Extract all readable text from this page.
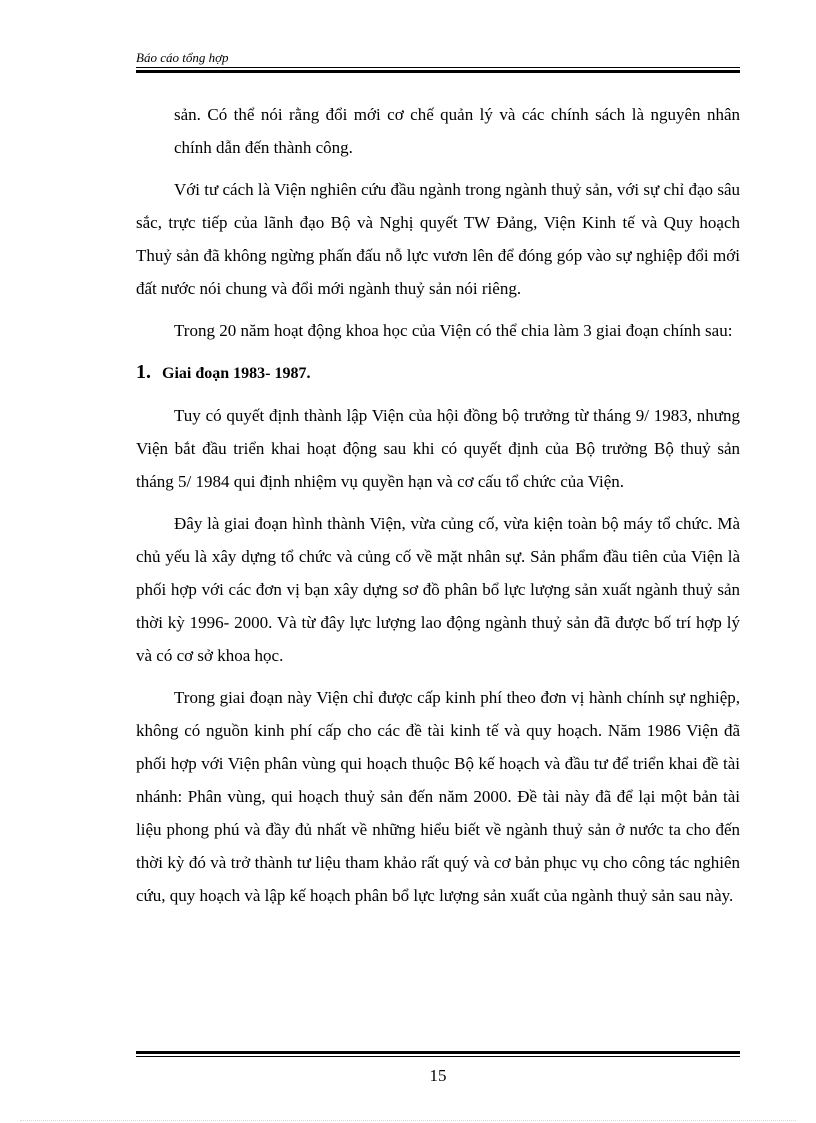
Báo cáo tổng hợp

sản. Có thể nói rằng đổi mới cơ chế quản lý và các chính sách là nguyên nhân chính dẫn đến thành công.

Với tư cách là Viện nghiên cứu đầu ngành trong ngành thuỷ sản, với sự chỉ đạo sâu sắc, trực tiếp của lãnh đạo Bộ và Nghị quyết TW Đảng, Viện Kinh tế và Quy hoạch Thuỷ sản đã không ngừng phấn đấu nỗ lực vươn lên để đóng góp vào sự nghiệp đổi mới đất nước nói chung và đổi mới ngành thuỷ sản nói riêng.

Trong 20 năm hoạt động khoa học của Viện có thể chia làm 3 giai đoạn chính sau:

1. Giai đoạn 1983- 1987.

Tuy có quyết định thành lập Viện của hội đồng bộ trưởng từ tháng 9/ 1983, nhưng Viện bắt đầu triển khai hoạt động sau khi có quyết định của Bộ trưởng Bộ thuỷ sản tháng 5/ 1984 qui định nhiệm vụ quyền hạn và cơ cấu tổ chức của Viện.

Đây là giai đoạn hình thành Viện, vừa củng cố, vừa kiện toàn bộ máy tổ chức. Mà chủ yếu là xây dựng tổ chức và củng cố về mặt nhân sự. Sản phẩm đầu tiên của Viện là phối hợp với các đơn vị bạn xây dựng sơ đồ phân bổ lực lượng sản xuất ngành thuỷ sản thời kỳ 1996- 2000. Và từ đây lực lượng lao động ngành thuỷ sản đã được bố trí hợp lý và có cơ sở khoa học.

Trong giai đoạn này Viện chỉ được cấp kinh phí theo đơn vị hành chính sự nghiệp, không có nguồn kinh phí cấp cho các đề tài kinh tế và quy hoạch. Năm 1986 Viện đã phối hợp với Viện phân vùng qui hoạch thuộc Bộ kế hoạch và đầu tư để triển khai đề tài nhánh: Phân vùng, qui hoạch thuỷ sản đến năm 2000. Đề tài này đã để lại một bản tài liệu phong phú và đầy đủ nhất về những hiểu biết về ngành thuỷ sản ở nước ta cho đến thời kỳ đó và trở thành tư liệu tham khảo rất quý và cơ bản phục vụ cho công tác nghiên cứu, quy hoạch và lập kế hoạch phân bổ lực lượng sản xuất của ngành thuỷ sản sau này.

15
